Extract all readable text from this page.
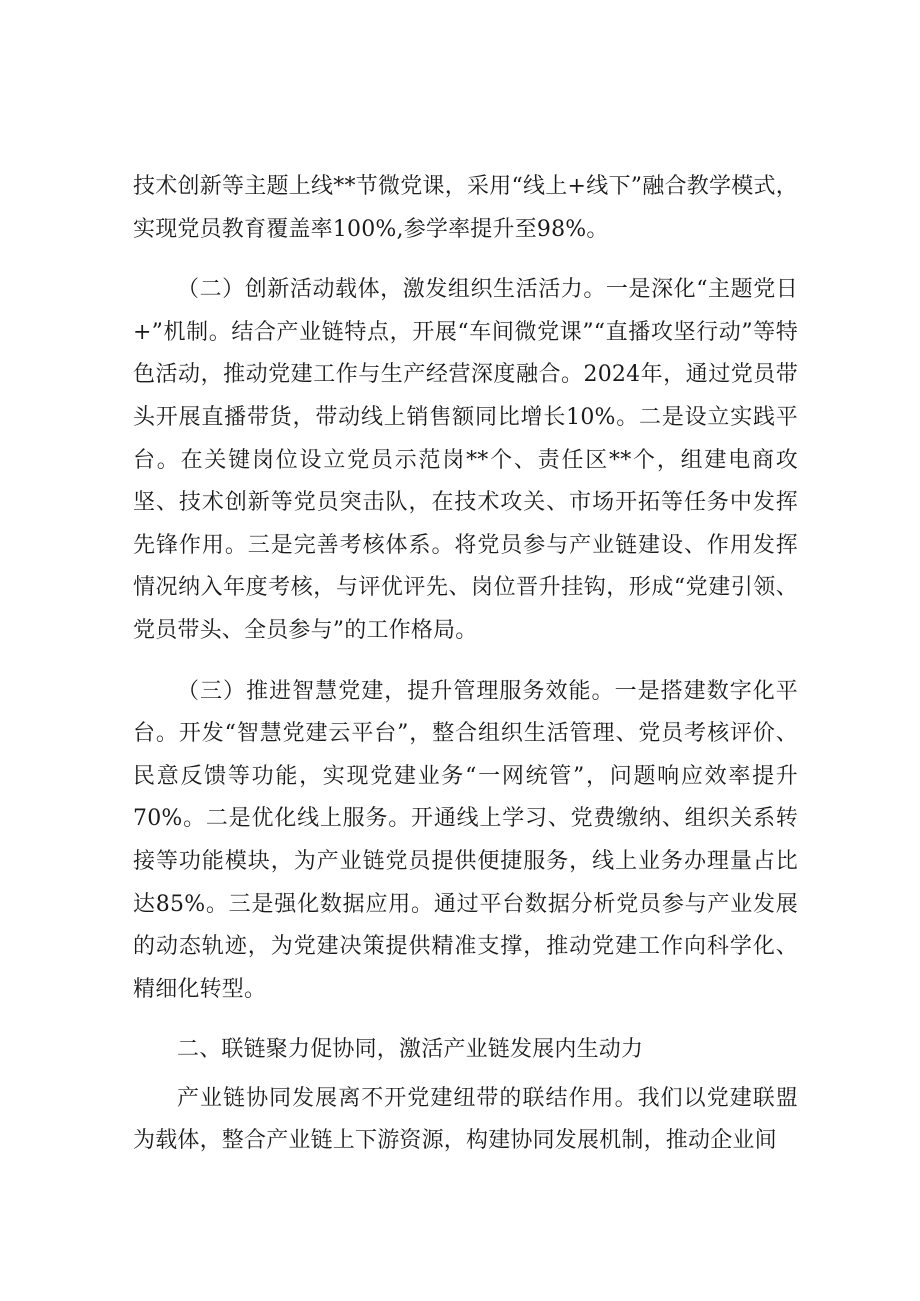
技术创新等主题上线**节微党课，采用“线上+线下”融合教学模式，实现党员教育覆盖率100%,参学率提升至98%。

（二）创新活动载体，激发组织生活活力。一是深化“主题党日+”机制。结合产业链特点，开展“车间微党课”“直播攻坚行动”等特色活动，推动党建工作与生产经营深度融合。2024年，通过党员带头开展直播带货，带动线上销售额同比增长10%。二是设立实践平台。在关键岗位设立党员示范岗**个、责任区**个，组建电商攻坚、技术创新等党员突击队，在技术攻关、市场开拓等任务中发挥先锋作用。三是完善考核体系。将党员参与产业链建设、作用发挥情况纳入年度考核，与评优评先、岗位晋升挂钩，形成“党建引领、党员带头、全员参与”的工作格局。

（三）推进智慧党建，提升管理服务效能。一是搭建数字化平台。开发“智慧党建云平台”，整合组织生活管理、党员考核评价、民意反馈等功能，实现党建业务“一网统管”，问题响应效率提升70%。二是优化线上服务。开通线上学习、党费缴纳、组织关系转接等功能模块，为产业链党员提供便捷服务，线上业务办理量占比达85%。三是强化数据应用。通过平台数据分析党员参与产业发展的动态轨迹，为党建决策提供精准支撑，推动党建工作向科学化、精细化转型。

二、联链聚力促协同，激活产业链发展内生动力

产业链协同发展离不开党建纽带的联结作用。我们以党建联盟为载体，整合产业链上下游资源，构建协同发展机制，推动企业间
